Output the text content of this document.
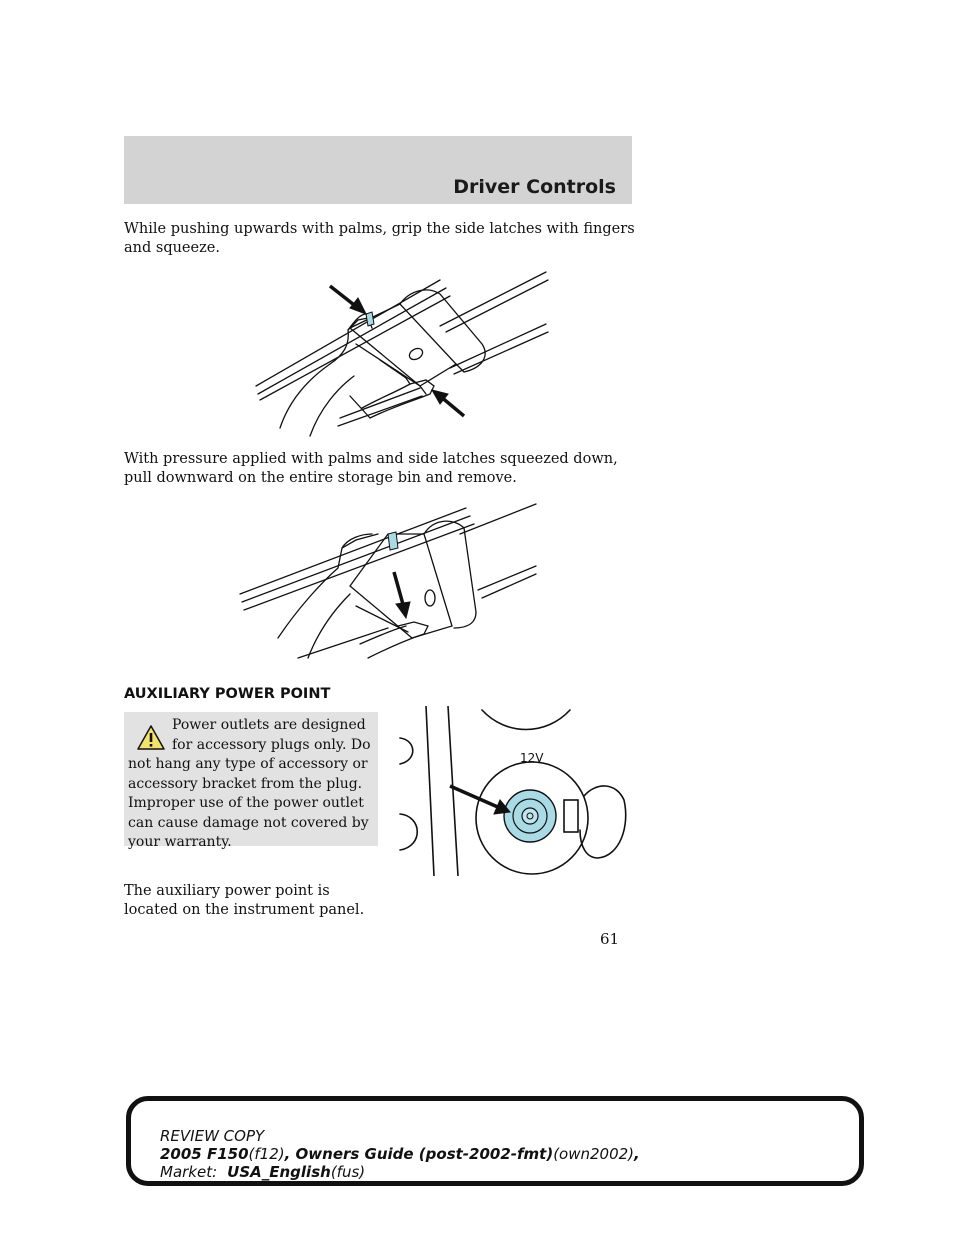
Driver Controls

While pushing upwards with palms, grip the side latches with fingers and squeeze.

With pressure applied with palms and side latches squeezed down, pull downward on the entire storage bin and remove.

AUXILIARY POWER POINT

Power outlets are designed for accessory plugs only. Do not hang any type of accessory or accessory bracket from the plug. Improper use of the power outlet can cause damage not covered by your warranty.

The auxiliary power point is located on the instrument panel.

12V
61
REVIEW COPY
2005 F150(f12), Owners Guide (post-2002-fmt)(own2002),
Market: USA_English(fus)
